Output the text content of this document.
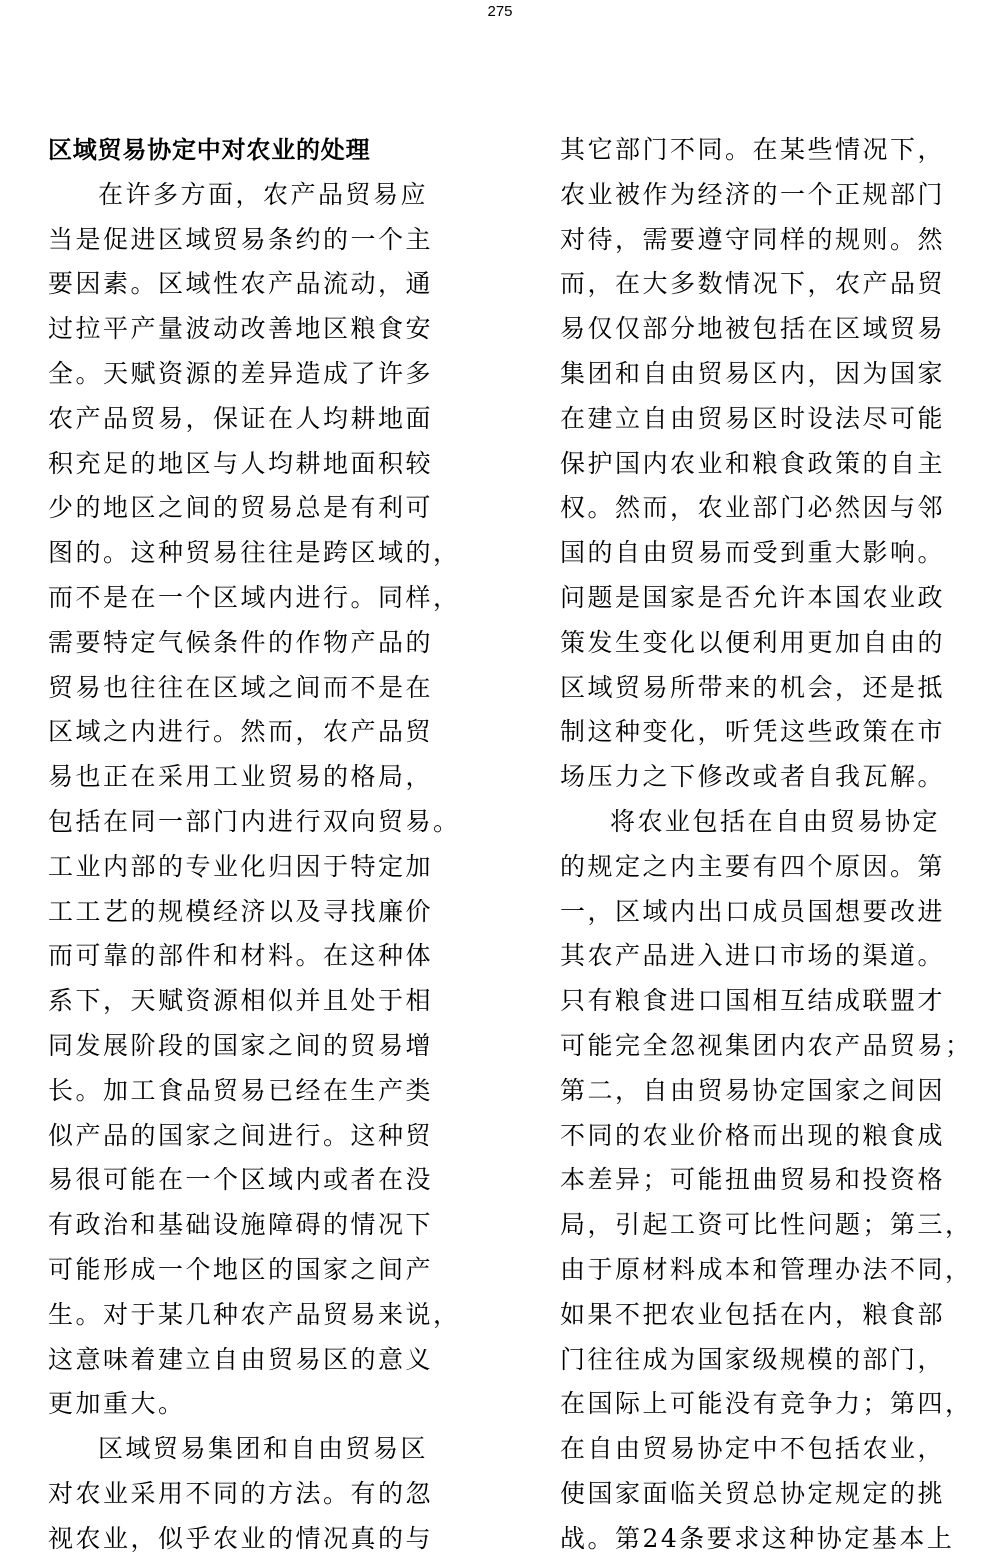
275
区域贸易协定中对农业的处理
在许多方面，农产品贸易应
当是促进区域贸易条约的一个主
要因素。区域性农产品流动，通
过拉平产量波动改善地区粮食安
全。天赋资源的差异造成了许多
农产品贸易，保证在人均耕地面
积充足的地区与人均耕地面积较
少的地区之间的贸易总是有利可
图的。这种贸易往往是跨区域的，
而不是在一个区域内进行。同样，
需要特定气候条件的作物产品的
贸易也往往在区域之间而不是在
区域之内进行。然而，农产品贸
易也正在采用工业贸易的格局，
包括在同一部门内进行双向贸易。
工业内部的专业化归因于特定加
工工艺的规模经济以及寻找廉价
而可靠的部件和材料。在这种体
系下，天赋资源相似并且处于相
同发展阶段的国家之间的贸易增
长。加工食品贸易已经在生产类
似产品的国家之间进行。这种贸
易很可能在一个区域内或者在没
有政治和基础设施障碍的情况下
可能形成一个地区的国家之间产
生。对于某几种农产品贸易来说，
这意味着建立自由贸易区的意义
更加重大。
区域贸易集团和自由贸易区
对农业采用不同的方法。有的忽
视农业，似乎农业的情况真的与
其它部门不同。在某些情况下，
农业被作为经济的一个正规部门
对待，需要遵守同样的规则。然
而，在大多数情况下，农产品贸
易仅仅部分地被包括在区域贸易
集团和自由贸易区内，因为国家
在建立自由贸易区时设法尽可能
保护国内农业和粮食政策的自主
权。然而，农业部门必然因与邻
国的自由贸易而受到重大影响。
问题是国家是否允许本国农业政
策发生变化以便利用更加自由的
区域贸易所带来的机会，还是抵
制这种变化，听凭这些政策在市
场压力之下修改或者自我瓦解。
将农业包括在自由贸易协定
的规定之内主要有四个原因。第
一，区域内出口成员国想要改进
其农产品进入进口市场的渠道。
只有粮食进口国相互结成联盟才
可能完全忽视集团内农产品贸易；
第二，自由贸易协定国家之间因
不同的农业价格而出现的粮食成
本差异；可能扭曲贸易和投资格
局，引起工资可比性问题；第三，
由于原材料成本和管理办法不同，
如果不把农业包括在内，粮食部
门往往成为国家级规模的部门，
在国际上可能没有竞争力；第四，
在自由贸易协定中不包括农业，
使国家面临关贸总协定规定的挑
战。第24条要求这种协定基本上
